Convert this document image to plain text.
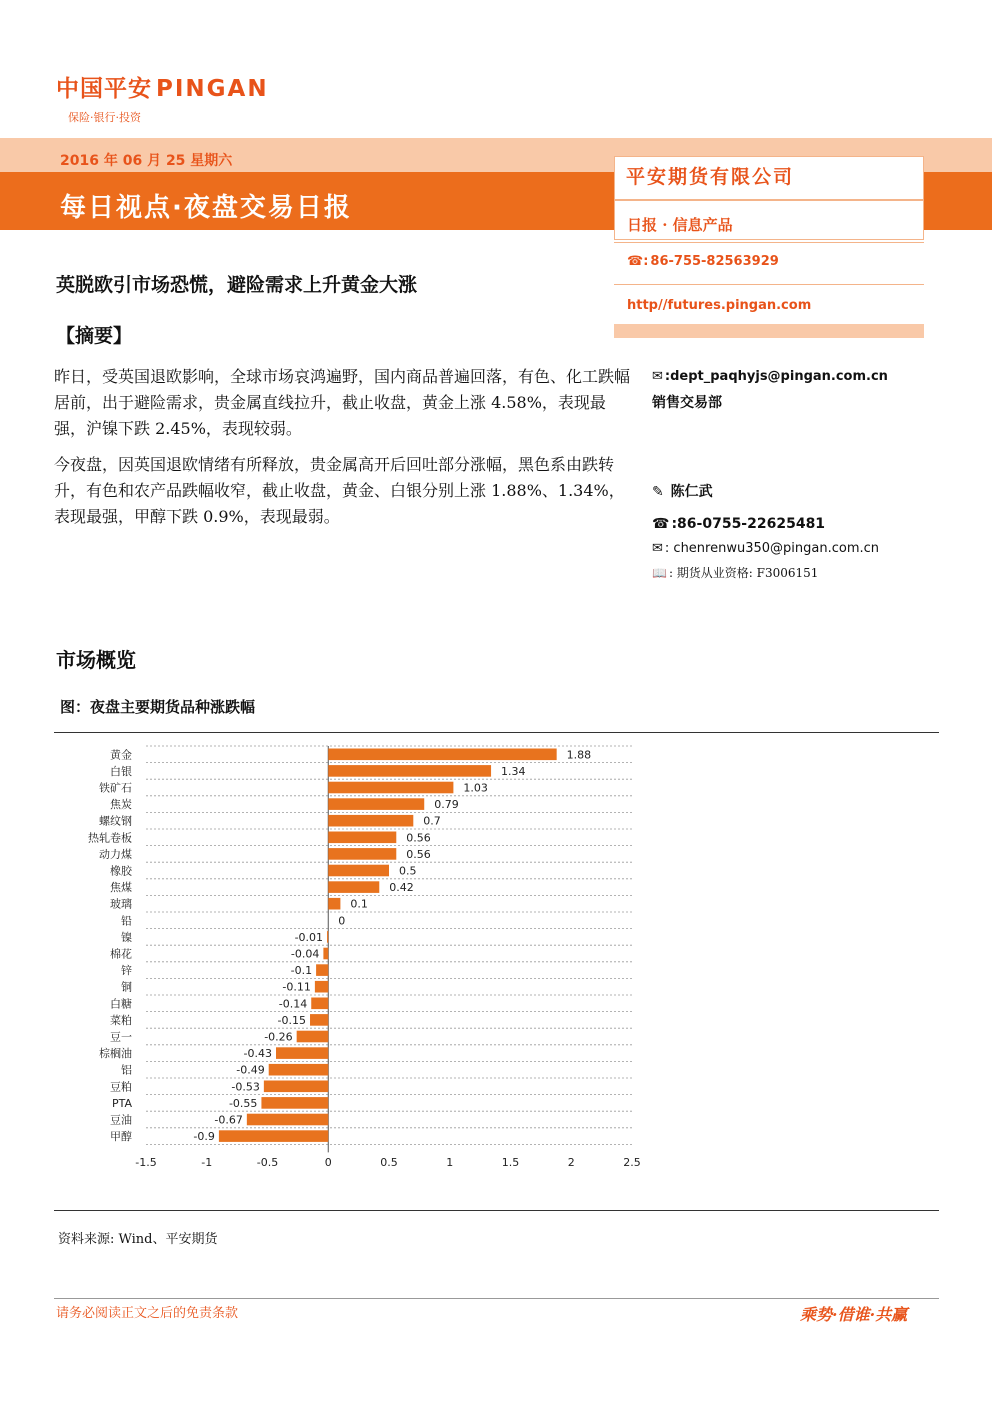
中国平安 PINGAN
保险·银行·投资
2016 年 06 月 25 星期六
每日视点·夜盘交易日报
平安期货有限公司
日报 · 信息产品
☎: 86-755-82563929
http//futures.pingan.com
英脱欧引市场恐慌，避险需求上升黄金大涨
【摘要】
昨日，受英国退欧影响，全球市场哀鸿遍野，国内商品普遍回落，有色、化工跌幅居前，出于避险需求，贵金属直线拉升，截止收盘，黄金上涨 4.58%，表现最强，沪镍下跌 2.45%，表现较弱。
今夜盘，因英国退欧情绪有所释放，贵金属高开后回吐部分涨幅，黑色系由跌转升，有色和农产品跌幅收窄，截止收盘，黄金、白银分别上涨 1.88%、1.34%，表现最强，甲醇下跌 0.9%，表现最弱。
✉ :dept_paqhyjs@pingan.com.cn
销售交易部
✎ 陈仁武
☎ :86-0755-22625481
✉ : chenrenwu350@pingan.com.cn
📖 : 期货从业资格: F3006151
市场概览
图：夜盘主要期货品种涨跌幅
黄金	1.88
白银	1.34
铁矿石	1.03
焦炭	0.79
螺纹钢	0.7
热轧卷板	0.56
动力煤	0.56
橡胶	0.5
焦煤	0.42
玻璃	0.1
铅	0
镍	-0.01
棉花	-0.04
锌	-0.1
铜	-0.11
白糖	-0.14
菜粕	-0.15
豆一	-0.26
棕榈油	-0.43
铝	-0.49
豆粕	-0.53
PTA	-0.55
豆油	-0.67
甲醇	-0.9
-1.5	-1	-0.5	0	0.5	1	1.5	2	2.5
资料来源: Wind、平安期货
请务必阅读正文之后的免责条款	乘势·借谁·共赢
